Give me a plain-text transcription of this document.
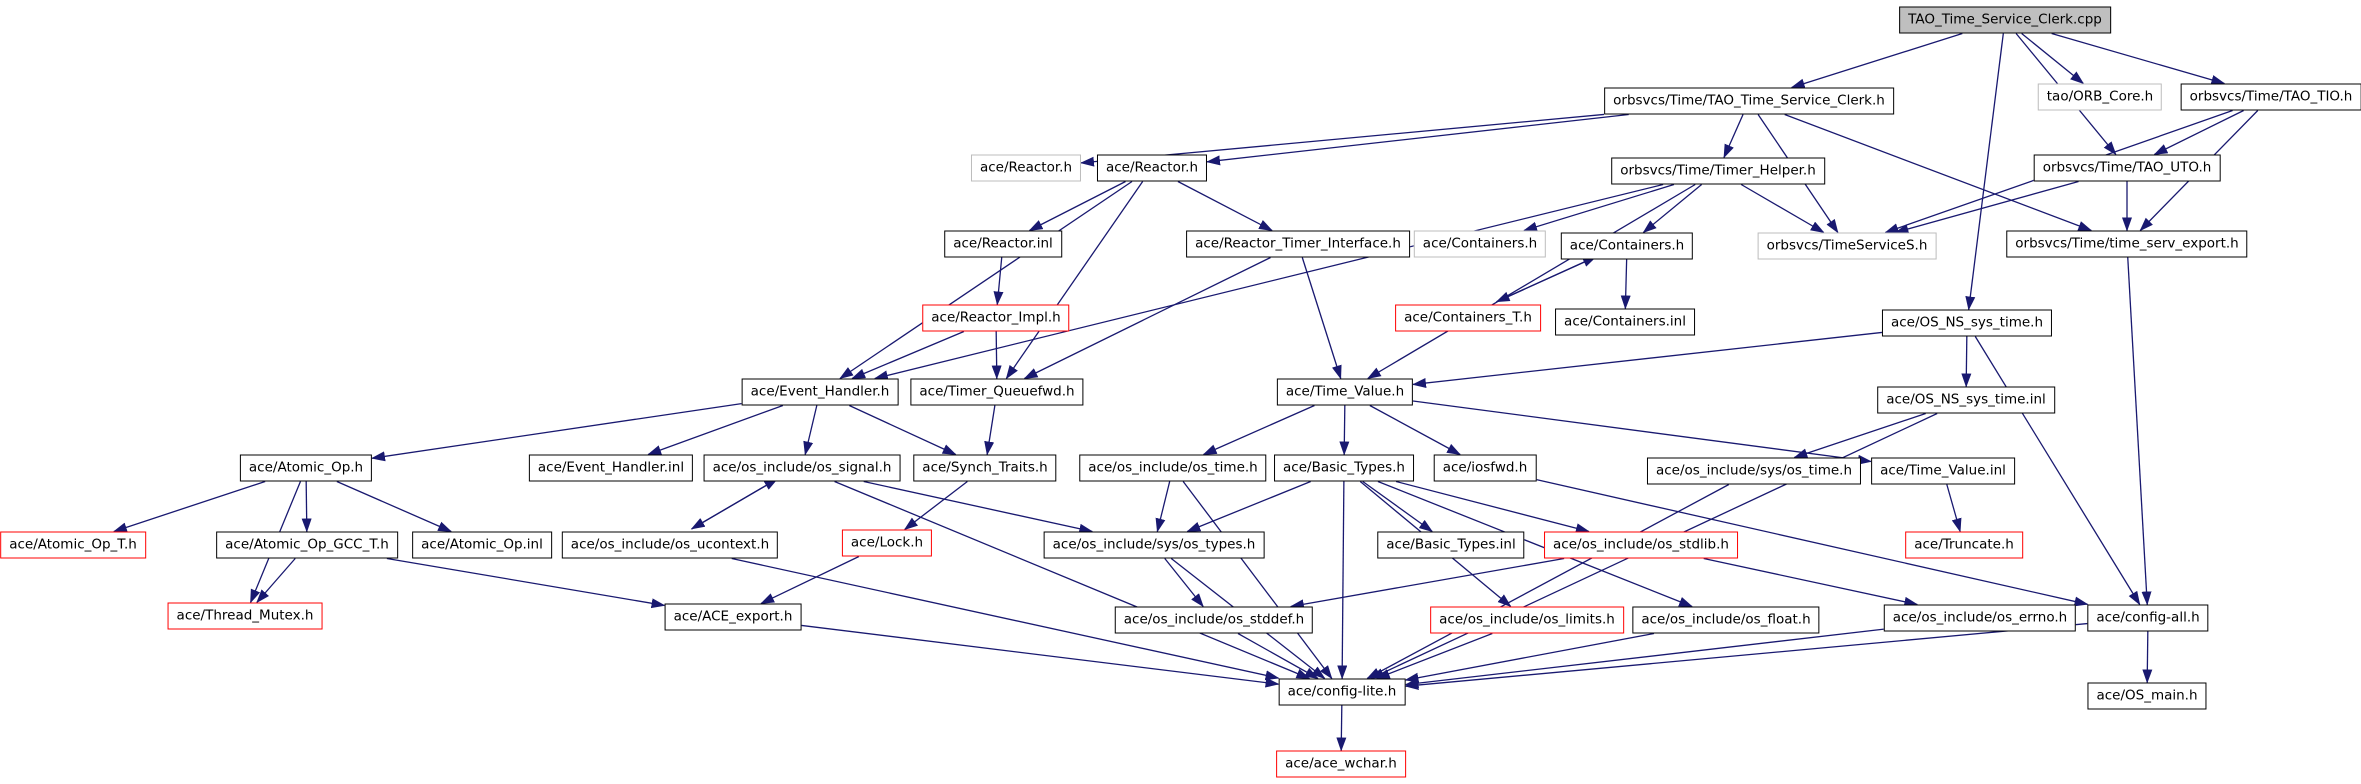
TAO_Time_Service_Clerk.cpp
orbsvcs/Time/TAO_Time_Service_Clerk.h	tao/ORB_Core.h	orbsvcs/Time/TAO_TIO.h
ace/Reactor.h	ace/Reactor.h	orbsvcs/Time/Timer_Helper.h	orbsvcs/Time/TAO_UTO.h
ace/Reactor.inl	ace/Reactor_Timer_Interface.h	ace/Containers.h	ace/Containers.h	orbsvcs/TimeServiceS.h	orbsvcs/Time/time_serv_export.h
ace/Reactor_Impl.h	ace/Containers_T.h	ace/Containers.inl	ace/OS_NS_sys_time.h
ace/Event_Handler.h	ace/Timer_Queuefwd.h	ace/Time_Value.h	ace/OS_NS_sys_time.inl
ace/Atomic_Op.h	ace/Event_Handler.inl	ace/os_include/os_signal.h	ace/Synch_Traits.h	ace/os_include/os_time.h	ace/Basic_Types.h	ace/iosfwd.h	ace/os_include/sys/os_time.h	ace/Time_Value.inl
ace/Atomic_Op_T.h	ace/Atomic_Op_GCC_T.h	ace/Atomic_Op.inl	ace/os_include/os_ucontext.h	ace/Lock.h	ace/os_include/sys/os_types.h	ace/Basic_Types.inl	ace/os_include/os_stdlib.h	ace/Truncate.h
ace/Thread_Mutex.h	ace/ACE_export.h	ace/os_include/os_stddef.h	ace/os_include/os_limits.h	ace/os_include/os_float.h	ace/os_include/os_errno.h	ace/config-all.h
ace/config-lite.h	ace/OS_main.h
ace/ace_wchar.h
